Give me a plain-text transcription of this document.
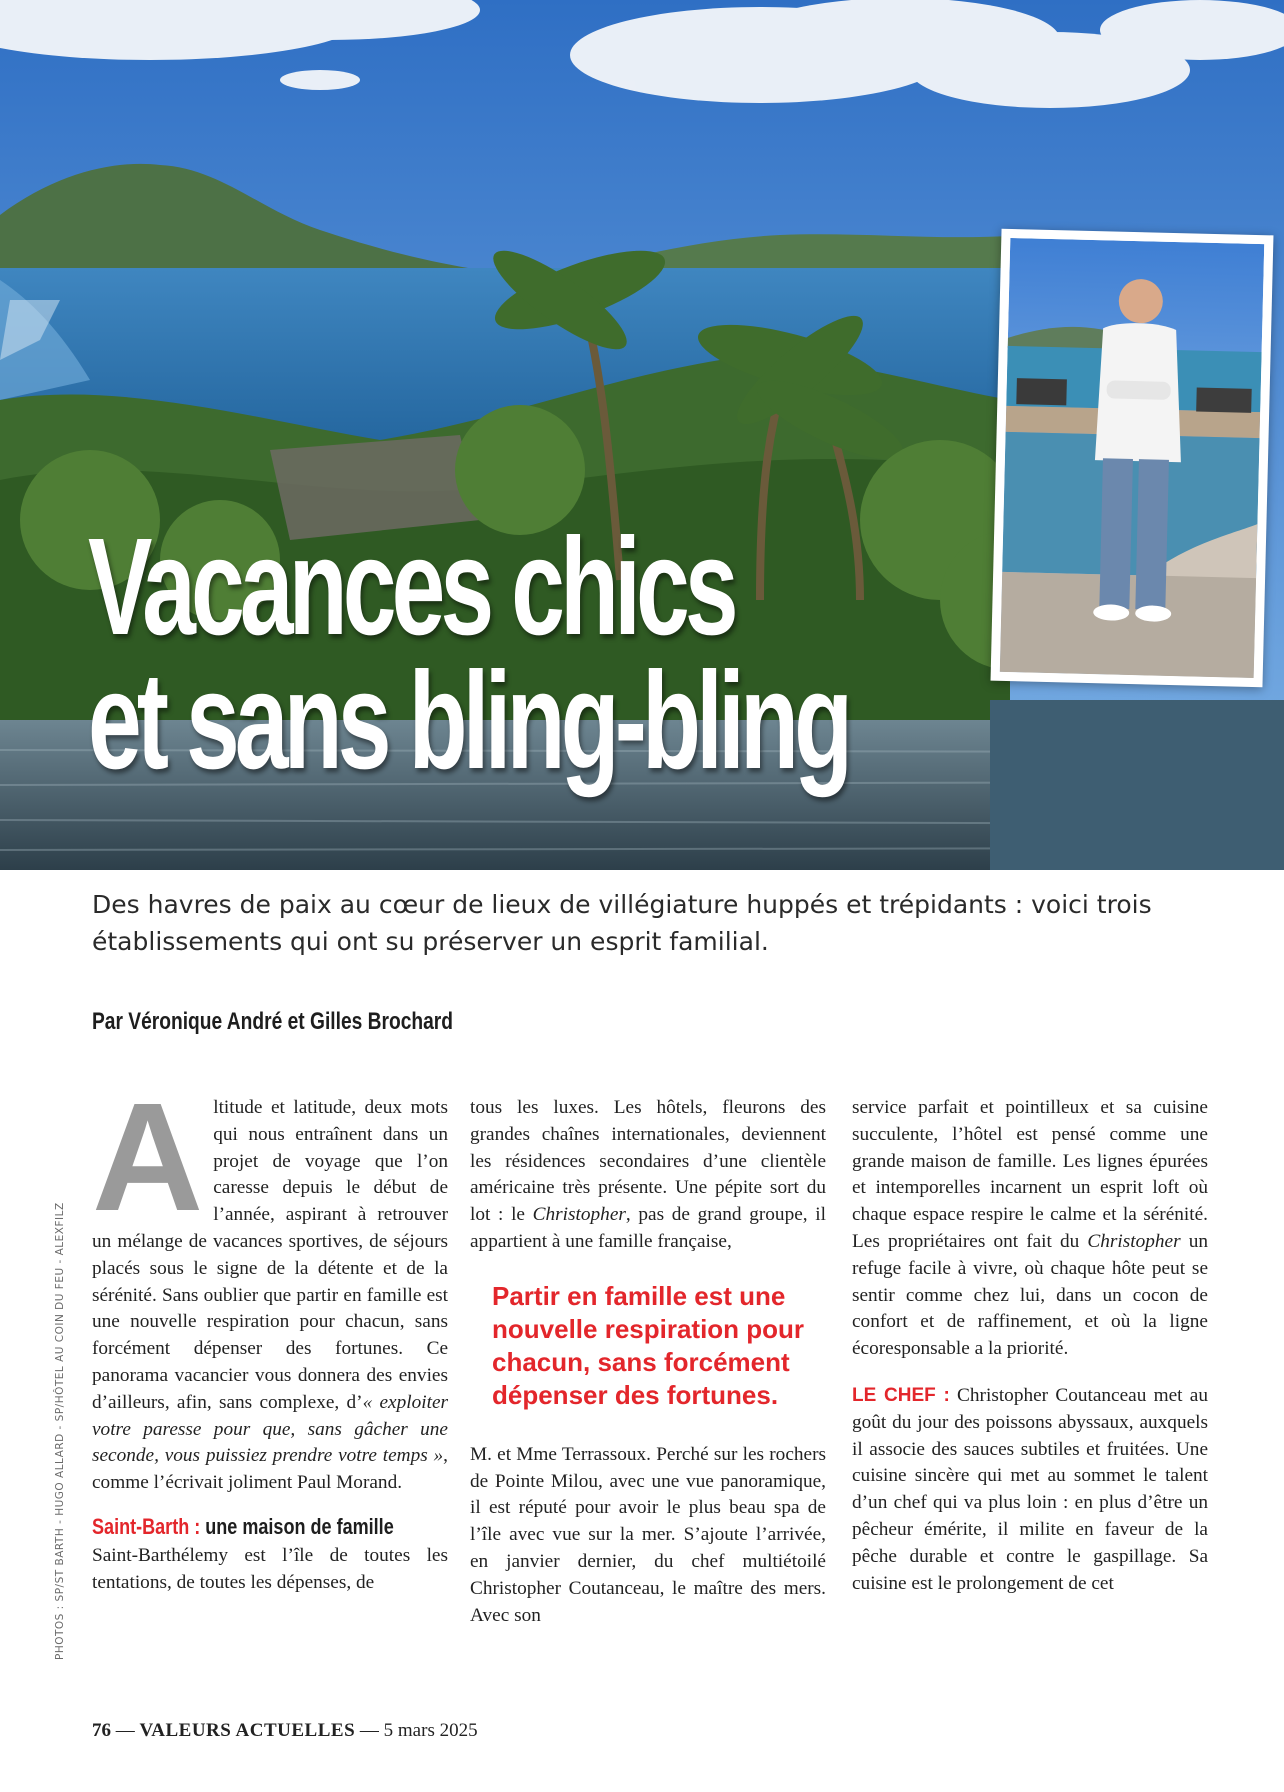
Vacances chics
et sans bling-bling

Des havres de paix au cœur de lieux de villégiature huppés et trépidants : voici trois établissements qui ont su préserver un esprit familial.

Par Véronique André et Gilles Brochard

PHOTOS : SP/ST BARTH - HUGO ALLARD - SP/HÔTEL AU COIN DU FEU - ALEXFILZ

Altitude et latitude, deux mots qui nous entraînent dans un projet de voyage que l’on caresse depuis le début de l’année, aspirant à retrouver un mélange de vacances sportives, de séjours placés sous le signe de la détente et de la sérénité. Sans oublier que partir en famille est une nouvelle respiration pour chacun, sans forcément dépenser des fortunes. Ce panorama vacancier vous donnera des envies d’ailleurs, afin, sans complexe, d’« exploiter votre paresse pour que, sans gâcher une seconde, vous puissiez prendre votre temps », comme l’écrivait joliment Paul Morand.

Saint-Barth : une maison de famille

Saint-Barthélemy est l’île de toutes les tentations, de toutes les dépenses, de

tous les luxes. Les hôtels, fleurons des grandes chaînes internationales, deviennent les résidences secondaires d’une clientèle américaine très présente. Une pépite sort du lot : le Christopher, pas de grand groupe, il appartient à une famille française,

Partir en famille est une nouvelle respiration pour chacun, sans forcément dépenser des fortunes.

M. et Mme Terrassoux. Perché sur les rochers de Pointe Milou, avec une vue panoramique, il est réputé pour avoir le plus beau spa de l’île avec vue sur la mer. S’ajoute l’arrivée, en janvier dernier, du chef multiétoilé Christopher Coutanceau, le maître des mers. Avec son

service parfait et pointilleux et sa cuisine succulente, l’hôtel est pensé comme une grande maison de famille. Les lignes épurées et intemporelles incarnent un esprit loft où chaque espace respire le calme et la sérénité. Les propriétaires ont fait du Christopher un refuge facile à vivre, où chaque hôte peut se sentir comme chez lui, dans un cocon de confort et de raffinement, et où la ligne écoresponsable a la priorité.

LE CHEF : Christopher Coutanceau met au goût du jour des poissons abyssaux, auxquels il associe des sauces subtiles et fruitées. Une cuisine sincère qui met au sommet le talent d’un chef qui va plus loin : en plus d’être un pêcheur émérite, il milite en faveur de la pêche durable et contre le gaspillage. Sa cuisine est le prolongement de cet

76 — VALEURS ACTUELLES — 5 mars 2025
